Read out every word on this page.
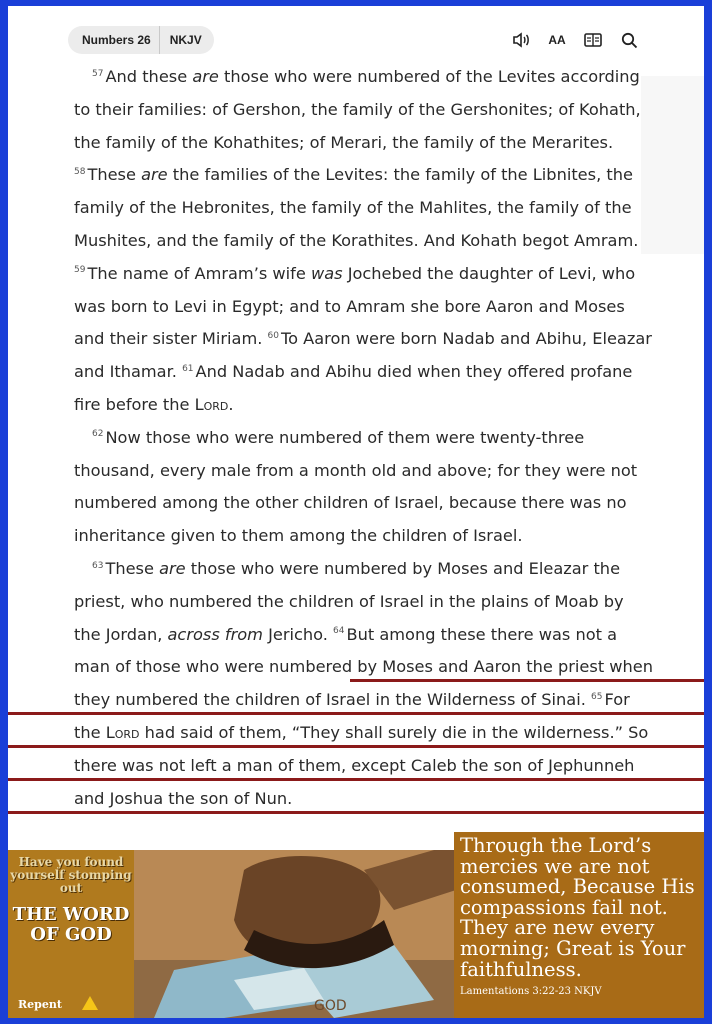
Numbers 26	NKJV	AA

$^{57}$ And these are those who were numbered of the Levites according to their families: of Gershon, the family of the Gershonites; of Kohath, the family of the Kohathites; of Merari, the family of the Merarites. $^{58}$ These are the families of the Levites: the family of the Libnites, the family of the Hebronites, the family of the Mahlites, the family of the Mushites, and the family of the Korathites. And Kohath begot Amram. $^{59}$ The name of Amram’s wife was Jochebed the daughter of Levi, who was born to Levi in Egypt; and to Amram she bore Aaron and Moses and their sister Miriam. $^{60}$ To Aaron were born Nadab and Abihu, Eleazar and Ithamar. $^{61}$ And Nadab and Abihu died when they offered profane fire before the Lord.

$^{62}$ Now those who were numbered of them were twenty-three thousand, every male from a month old and above; for they were not numbered among the other children of Israel, because there was no inheritance given to them among the children of Israel.

$^{63}$ These are those who were numbered by Moses and Eleazar the priest, who numbered the children of Israel in the plains of Moab by the Jordan, across from Jericho. $^{64}$ But among these there was not a man of those who were numbered by Moses and Aaron the priest when they numbered the children of Israel in the Wilderness of Sinai. $^{65}$ For the Lord had said of them, “They shall surely die in the wilderness.” So there was not left a man of them, except Caleb the son of Jephunneh and Joshua the son of Nun.

Have you found yourself stomping out
THE WORD OF GOD
Repent	GOD
Through the Lord’s mercies we are not consumed, Because His compassions fail not. They are new every morning; Great is Your faithfulness.
Lamentations 3:22-23 NKJV
